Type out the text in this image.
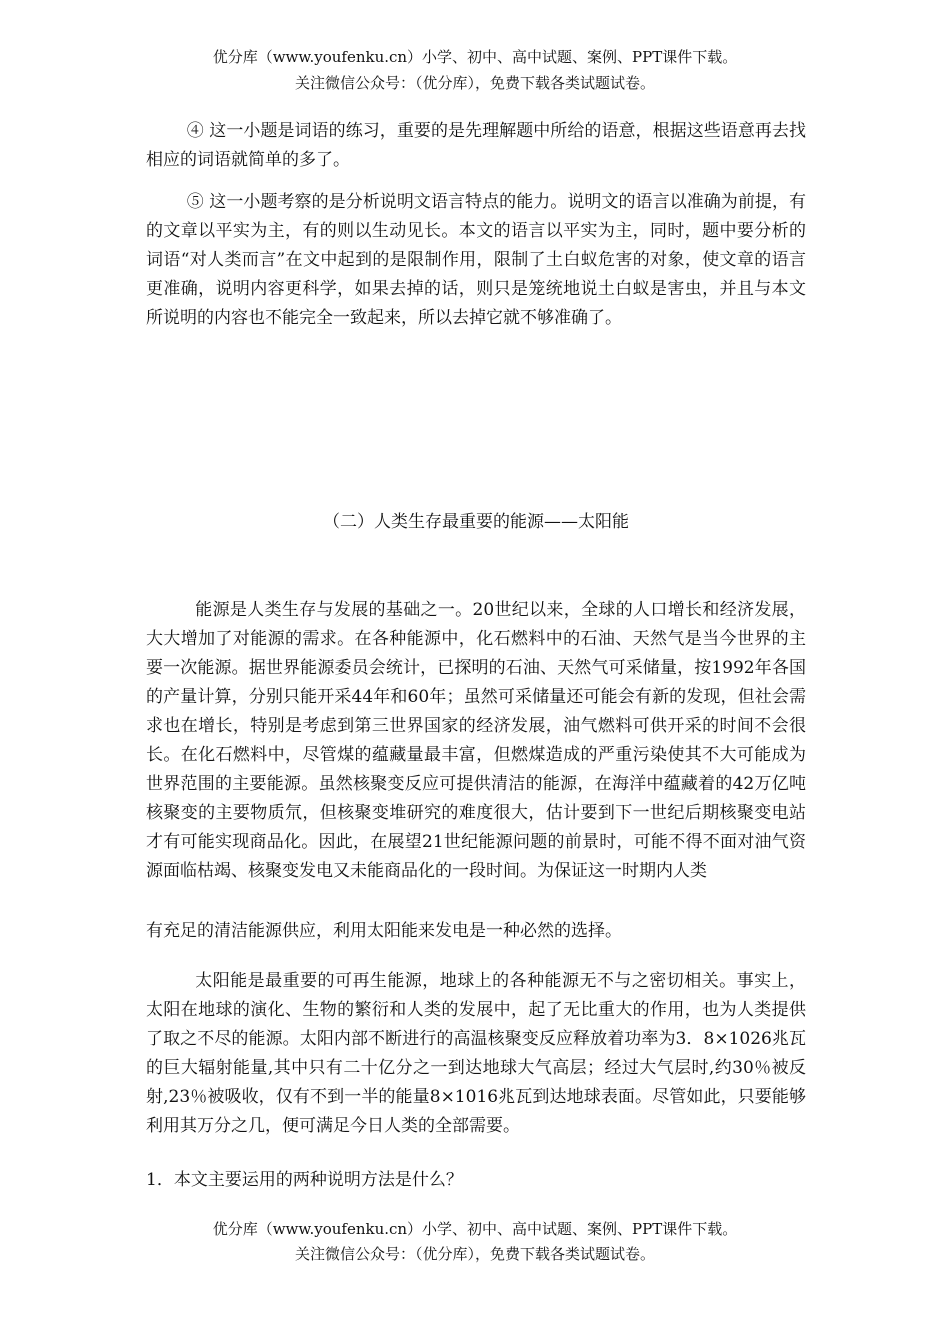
优分库（www.youfenku.cn）小学、初中、高中试题、案例、PPT课件下载。
关注微信公众号：（优分库），免费下载各类试题试卷。

④ 这一小题是词语的练习，重要的是先理解题中所给的语意，根据这些语意再去找相应的词语就简单的多了。

⑤ 这一小题考察的是分析说明文语言特点的能力。说明文的语言以准确为前提，有的文章以平实为主，有的则以生动见长。本文的语言以平实为主，同时，题中要分析的词语“对人类而言”在文中起到的是限制作用，限制了土白蚁危害的对象，使文章的语言更准确，说明内容更科学，如果去掉的话，则只是笼统地说土白蚁是害虫，并且与本文所说明的内容也不能完全一致起来，所以去掉它就不够准确了。

（二）人类生存最重要的能源——太阳能

能源是人类生存与发展的基础之一。20世纪以来，全球的人口增长和经济发展，大大增加了对能源的需求。在各种能源中，化石燃料中的石油、天然气是当今世界的主要一次能源。据世界能源委员会统计，已探明的石油、天然气可采储量，按1992年各国的产量计算，分别只能开采44年和60年；虽然可采储量还可能会有新的发现，但社会需求也在增长，特别是考虑到第三世界国家的经济发展，油气燃料可供开采的时间不会很长。在化石燃料中，尽管煤的蕴藏量最丰富，但燃煤造成的严重污染使其不大可能成为世界范围的主要能源。虽然核聚变反应可提供清洁的能源，在海洋中蕴藏着的42万亿吨核聚变的主要物质氘，但核聚变堆研究的难度很大，估计要到下一世纪后期核聚变电站才有可能实现商品化。因此，在展望21世纪能源问题的前景时，可能不得不面对油气资源面临枯竭、核聚变发电又未能商品化的一段时间。为保证这一时期内人类

有充足的清洁能源供应，利用太阳能来发电是一种必然的选择。

太阳能是最重要的可再生能源，地球上的各种能源无不与之密切相关。事实上，太阳在地球的演化、生物的繁衍和人类的发展中，起了无比重大的作用，也为人类提供了取之不尽的能源。太阳内部不断进行的高温核聚变反应释放着功率为3．8×1026兆瓦的巨大辐射能量,其中只有二十亿分之一到达地球大气高层；经过大气层时,约30％被反射,23％被吸收，仅有不到一半的能量8×1016兆瓦到达地球表面。尽管如此，只要能够利用其万分之几，便可满足今日人类的全部需要。

1．本文主要运用的两种说明方法是什么？

优分库（www.youfenku.cn）小学、初中、高中试题、案例、PPT课件下载。
关注微信公众号：（优分库），免费下载各类试题试卷。
